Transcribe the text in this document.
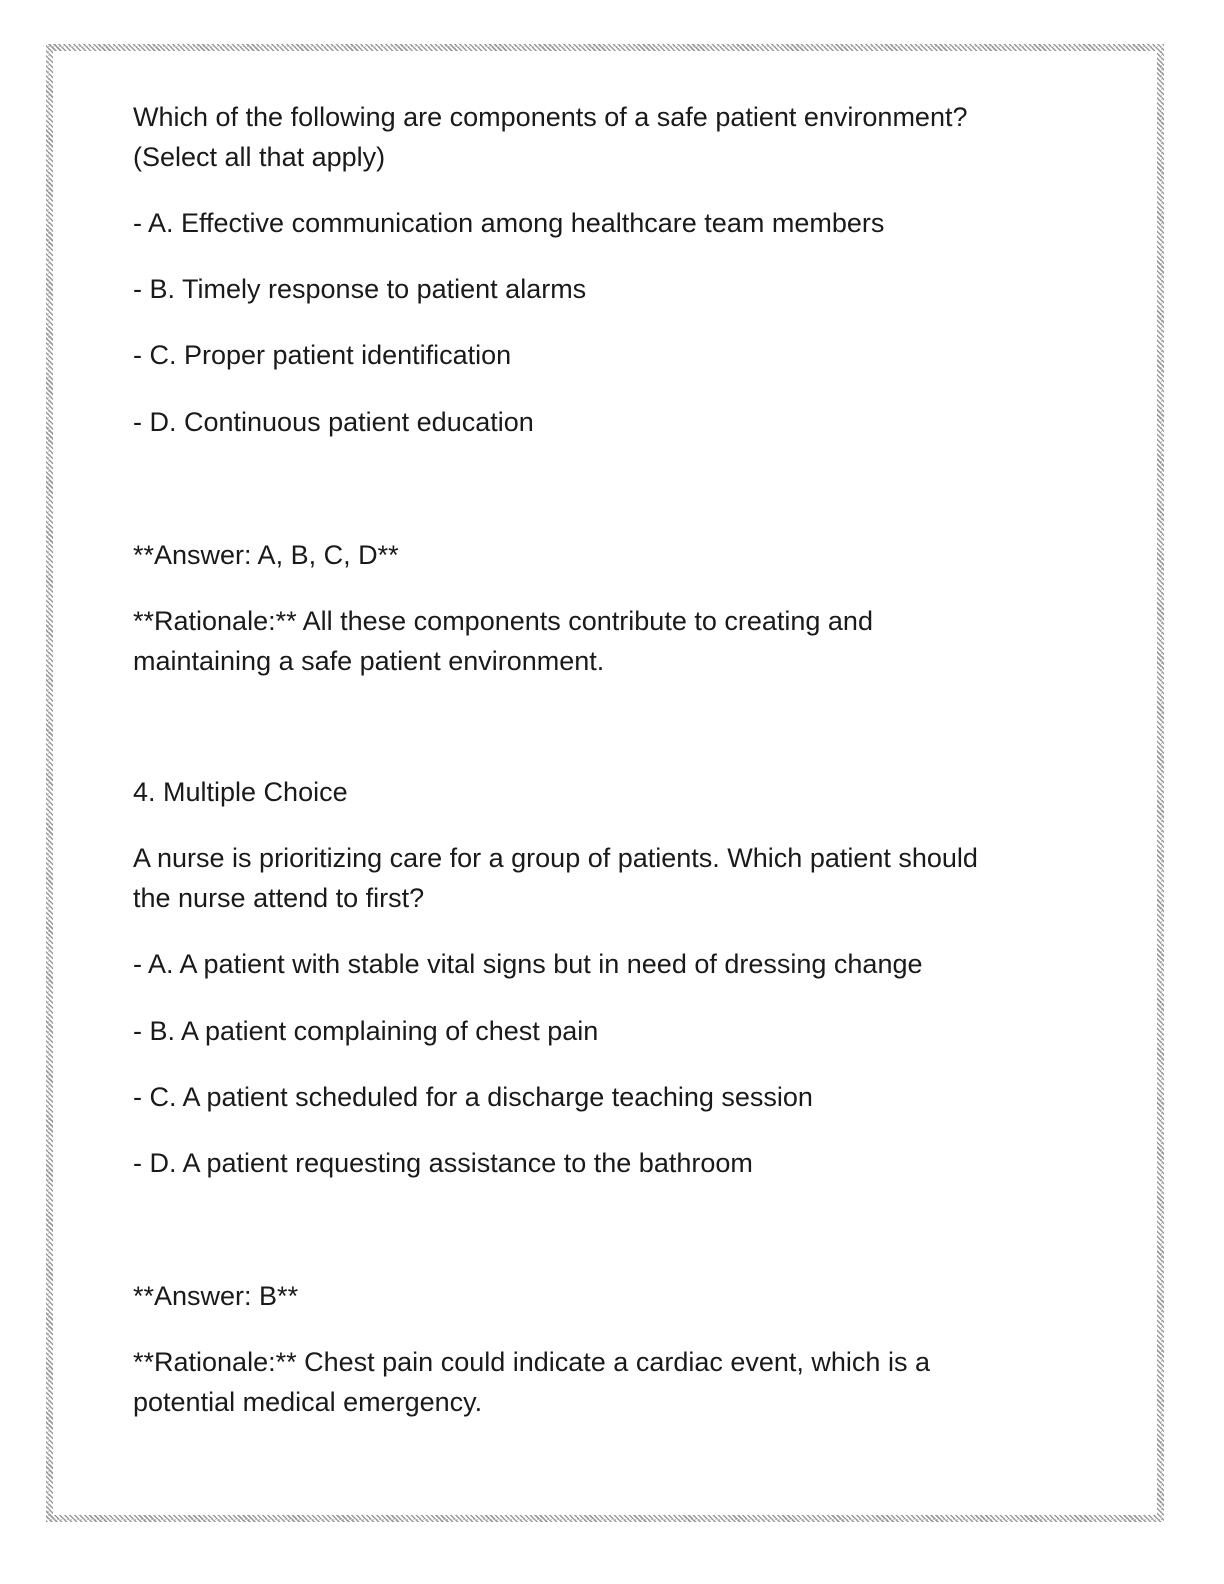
Which of the following are components of a safe patient environment?

(Select all that apply)

- A. Effective communication among healthcare team members

- B. Timely response to patient alarms

- C. Proper patient identification

- D. Continuous patient education

**Answer: A, B, C, D**

**Rationale:** All these components contribute to creating and

maintaining a safe patient environment.

4. Multiple Choice

A nurse is prioritizing care for a group of patients. Which patient should

the nurse attend to first?

- A. A patient with stable vital signs but in need of dressing change

- B. A patient complaining of chest pain

- C. A patient scheduled for a discharge teaching session

- D. A patient requesting assistance to the bathroom

**Answer: B**

**Rationale:** Chest pain could indicate a cardiac event, which is a

potential medical emergency.
